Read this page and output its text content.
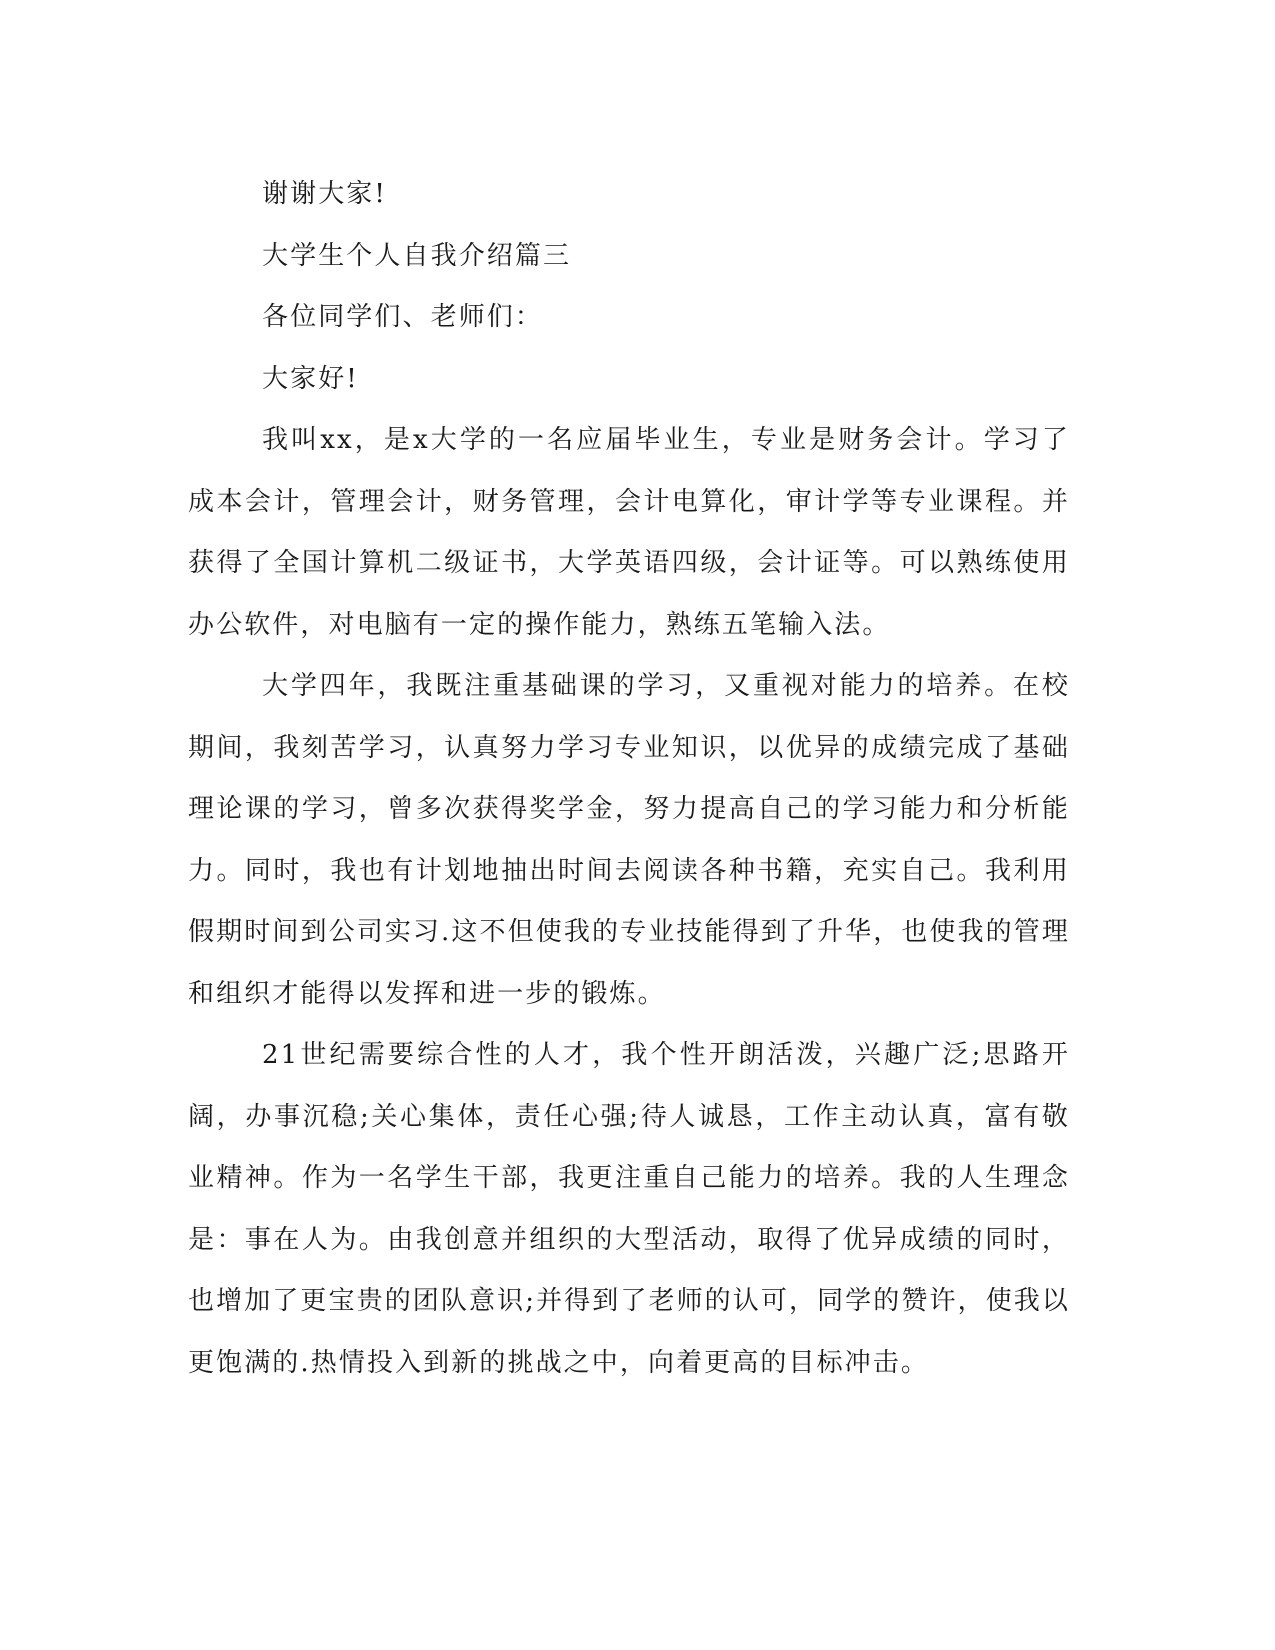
谢谢大家!

大学生个人自我介绍篇三

各位同学们、老师们：

大家好!

我叫xx，是x大学的一名应届毕业生，专业是财务会计。学习了成本会计，管理会计，财务管理，会计电算化，审计学等专业课程。并获得了全国计算机二级证书，大学英语四级，会计证等。可以熟练使用办公软件，对电脑有一定的操作能力，熟练五笔输入法。

大学四年，我既注重基础课的学习，又重视对能力的培养。在校期间，我刻苦学习，认真努力学习专业知识，以优异的成绩完成了基础理论课的学习，曾多次获得奖学金，努力提高自己的学习能力和分析能力。同时，我也有计划地抽出时间去阅读各种书籍，充实自己。我利用假期时间到公司实习.这不但使我的专业技能得到了升华，也使我的管理和组织才能得以发挥和进一步的锻炼。

21世纪需要综合性的人才，我个性开朗活泼，兴趣广泛;思路开阔，办事沉稳;关心集体，责任心强;待人诚恳，工作主动认真，富有敬业精神。作为一名学生干部，我更注重自己能力的培养。我的人生理念是：事在人为。由我创意并组织的大型活动，取得了优异成绩的同时，也增加了更宝贵的团队意识;并得到了老师的认可，同学的赞许，使我以更饱满的.热情投入到新的挑战之中，向着更高的目标冲击。
